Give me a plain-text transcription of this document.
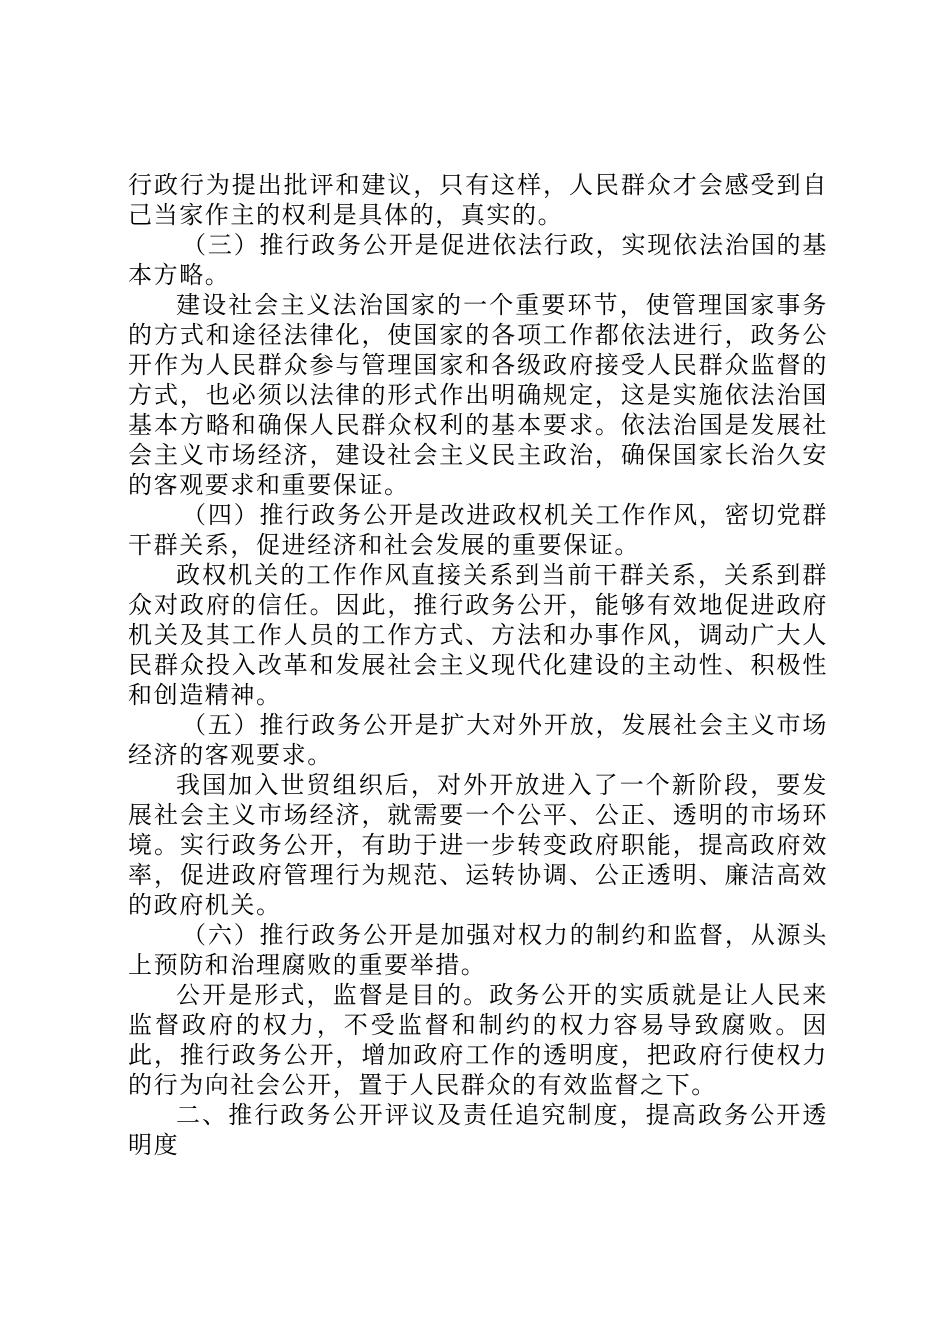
行政行为提出批评和建议，只有这样，人民群众才会感受到自己当家作主的权利是具体的，真实的。

（三）推行政务公开是促进依法行政，实现依法治国的基本方略。

建设社会主义法治国家的一个重要环节，使管理国家事务的方式和途径法律化，使国家的各项工作都依法进行，政务公开作为人民群众参与管理国家和各级政府接受人民群众监督的方式，也必须以法律的形式作出明确规定，这是实施依法治国基本方略和确保人民群众权利的基本要求。依法治国是发展社会主义市场经济，建设社会主义民主政治，确保国家长治久安的客观要求和重要保证。

（四）推行政务公开是改进政权机关工作作风，密切党群干群关系，促进经济和社会发展的重要保证。

政权机关的工作作风直接关系到当前干群关系，关系到群众对政府的信任。因此，推行政务公开，能够有效地促进政府机关及其工作人员的工作方式、方法和办事作风，调动广大人民群众投入改革和发展社会主义现代化建设的主动性、积极性和创造精神。

（五）推行政务公开是扩大对外开放，发展社会主义市场经济的客观要求。

我国加入世贸组织后，对外开放进入了一个新阶段，要发展社会主义市场经济，就需要一个公平、公正、透明的市场环境。实行政务公开，有助于进一步转变政府职能，提高政府效率，促进政府管理行为规范、运转协调、公正透明、廉洁高效的政府机关。

（六）推行政务公开是加强对权力的制约和监督，从源头上预防和治理腐败的重要举措。

公开是形式，监督是目的。政务公开的实质就是让人民来监督政府的权力，不受监督和制约的权力容易导致腐败。因此，推行政务公开，增加政府工作的透明度，把政府行使权力的行为向社会公开，置于人民群众的有效监督之下。

二、推行政务公开评议及责任追究制度，提高政务公开透明度
